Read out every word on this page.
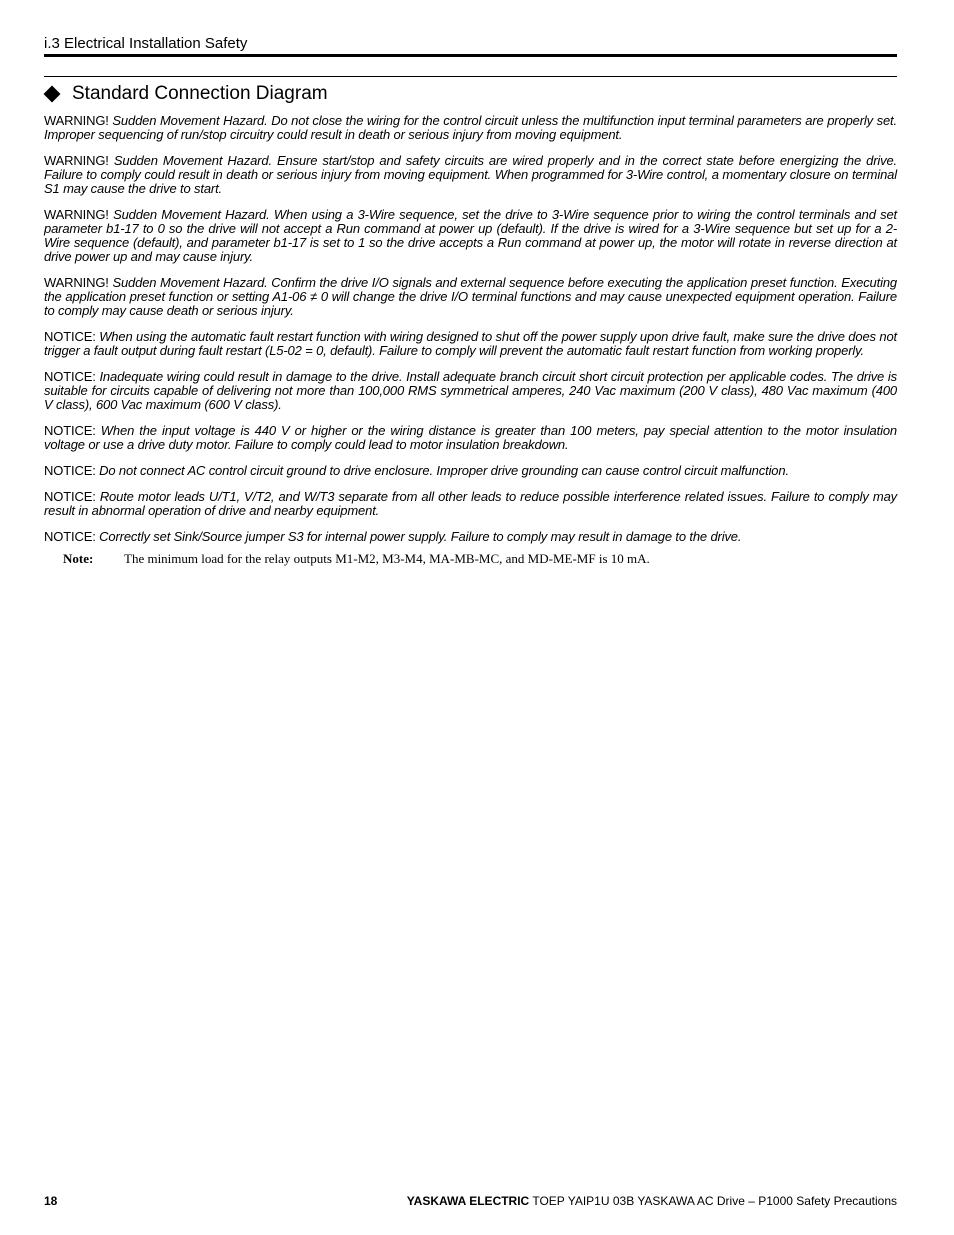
i.3 Electrical Installation Safety
Standard Connection Diagram

WARNING! Sudden Movement Hazard. Do not close the wiring for the control circuit unless the multifunction input terminal parameters are properly set. Improper sequencing of run/stop circuitry could result in death or serious injury from moving equipment.

WARNING! Sudden Movement Hazard. Ensure start/stop and safety circuits are wired properly and in the correct state before energizing the drive. Failure to comply could result in death or serious injury from moving equipment. When programmed for 3-Wire control, a momentary closure on terminal S1 may cause the drive to start.

WARNING! Sudden Movement Hazard. When using a 3-Wire sequence, set the drive to 3-Wire sequence prior to wiring the control terminals and set parameter b1-17 to 0 so the drive will not accept a Run command at power up (default). If the drive is wired for a 3-Wire sequence but set up for a 2-Wire sequence (default), and parameter b1-17 is set to 1 so the drive accepts a Run command at power up, the motor will rotate in reverse direction at drive power up and may cause injury.

WARNING! Sudden Movement Hazard. Confirm the drive I/O signals and external sequence before executing the application preset function. Executing the application preset function or setting A1-06 ≠ 0 will change the drive I/O terminal functions and may cause unexpected equipment operation. Failure to comply may cause death or serious injury.

NOTICE: When using the automatic fault restart function with wiring designed to shut off the power supply upon drive fault, make sure the drive does not trigger a fault output during fault restart (L5-02 = 0, default). Failure to comply will prevent the automatic fault restart function from working properly.

NOTICE: Inadequate wiring could result in damage to the drive. Install adequate branch circuit short circuit protection per applicable codes. The drive is suitable for circuits capable of delivering not more than 100,000 RMS symmetrical amperes, 240 Vac maximum (200 V class), 480 Vac maximum (400 V class), 600 Vac maximum (600 V class).

NOTICE: When the input voltage is 440 V or higher or the wiring distance is greater than 100 meters, pay special attention to the motor insulation voltage or use a drive duty motor. Failure to comply could lead to motor insulation breakdown.

NOTICE: Do not connect AC control circuit ground to drive enclosure. Improper drive grounding can cause control circuit malfunction.

NOTICE: Route motor leads U/T1, V/T2, and W/T3 separate from all other leads to reduce possible interference related issues. Failure to comply may result in abnormal operation of drive and nearby equipment.

NOTICE: Correctly set Sink/Source jumper S3 for internal power supply. Failure to comply may result in damage to the drive.

Note:	The minimum load for the relay outputs M1-M2, M3-M4, MA-MB-MC, and MD-ME-MF is 10 mA.
18	YASKAWA ELECTRIC TOEP YAIP1U 03B YASKAWA AC Drive – P1000 Safety Precautions
